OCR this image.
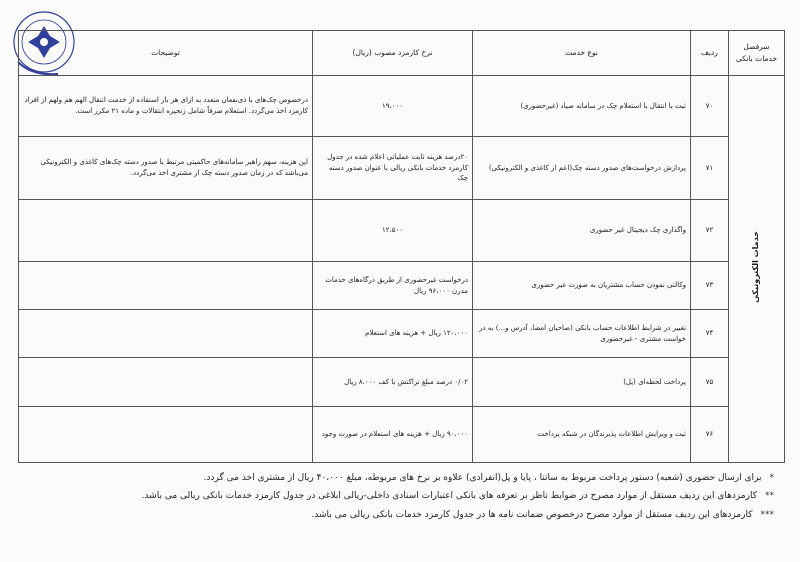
سرفصل خدمات بانکی	ردیف	نوع خدمت	نرخ کارمزد مصوب (ریال)	توضیحات
خدمات الکترونیکی	۷۰	ثبت یا انتقال یا استعلام چک در سامانه صیاد (غیرحضوری)	۱۹،۰۰۰	درخصوص چک‌های با ذی‌نفعان متعدد به ازای هر بار استفاده از خدمت انتقال الهم هم ولهم از افراد کارمزد اخذ می‌گردد. استعلام صرفاً شامل زنجیره انتقالات و ماده ۲۱ مکرر است.
	۷۱	پردازش درخواست‌های صدور دسته چک(اعم از کاغذی و الکترونیکی)	۲۰درصد هزینه ثابت عملیاتی اعلام شده در جدول کارمزد خدمات بانکی ریالی با عنوان صدور دسته چک	این هزینه، سهم راهبر سامانه‌های حاکمیتی مرتبط با صدور دسته چک‌های کاغذی و الکترونیکی می‌باشد که در زمان صدور دسته چک از مشتری اخذ می‌گردد.
	۷۲	واگذاری چک دیجیتال غیر حضوری	۱۲،۵۰۰	
	۷۳	وکالتی نمودن حساب مشتریان به صورت غیر حضوری	درخواست غیرحضوری از طریق درگاه‌های خدمات مدرن ۹۶،۰۰۰ ریال	
	۷۴	تغییر در شرایط اطلاعات حساب بانکی (صاحبان امضا، آدرس و...) به در خواست مشتری - غیرحضوری	۱۲۰،۰۰۰ ریال + هزینه های استعلام	
	۷۵	پرداخت لحظه‌ای (پل)	۰/۰۲ درصد مبلغ تراکنش با کف ۸،۰۰۰ ریال	
	۷۶	ثبت و ویرایش اطلاعات پذیرندگان در شبکه پرداخت	۹۰،۰۰۰ ریال + هزینه های استعلام در صورت وجود	
*برای ارسال حضوری (شعبه) دستور پرداخت مربوط به ساتنا ، پایا و پل(انفرادی) علاوه بر نرخ های مربوطه، مبلغ ۴۰،۰۰۰ ریال از مشتری اخذ می گردد.
**کارمزدهای این ردیف مستقل از موارد مصرح در ضوابط ناظر بر تعرفه های بانکی اعتبارات اسنادی داخلی-ریالی ابلاغی در جدول کارمزد خدمات بانکی ریالی می باشد.
***کارمزدهای این ردیف مستقل از موارد مصرح درخصوص ضمانت نامه ها در جدول کارمزد خدمات بانکی ریالی می باشد.
